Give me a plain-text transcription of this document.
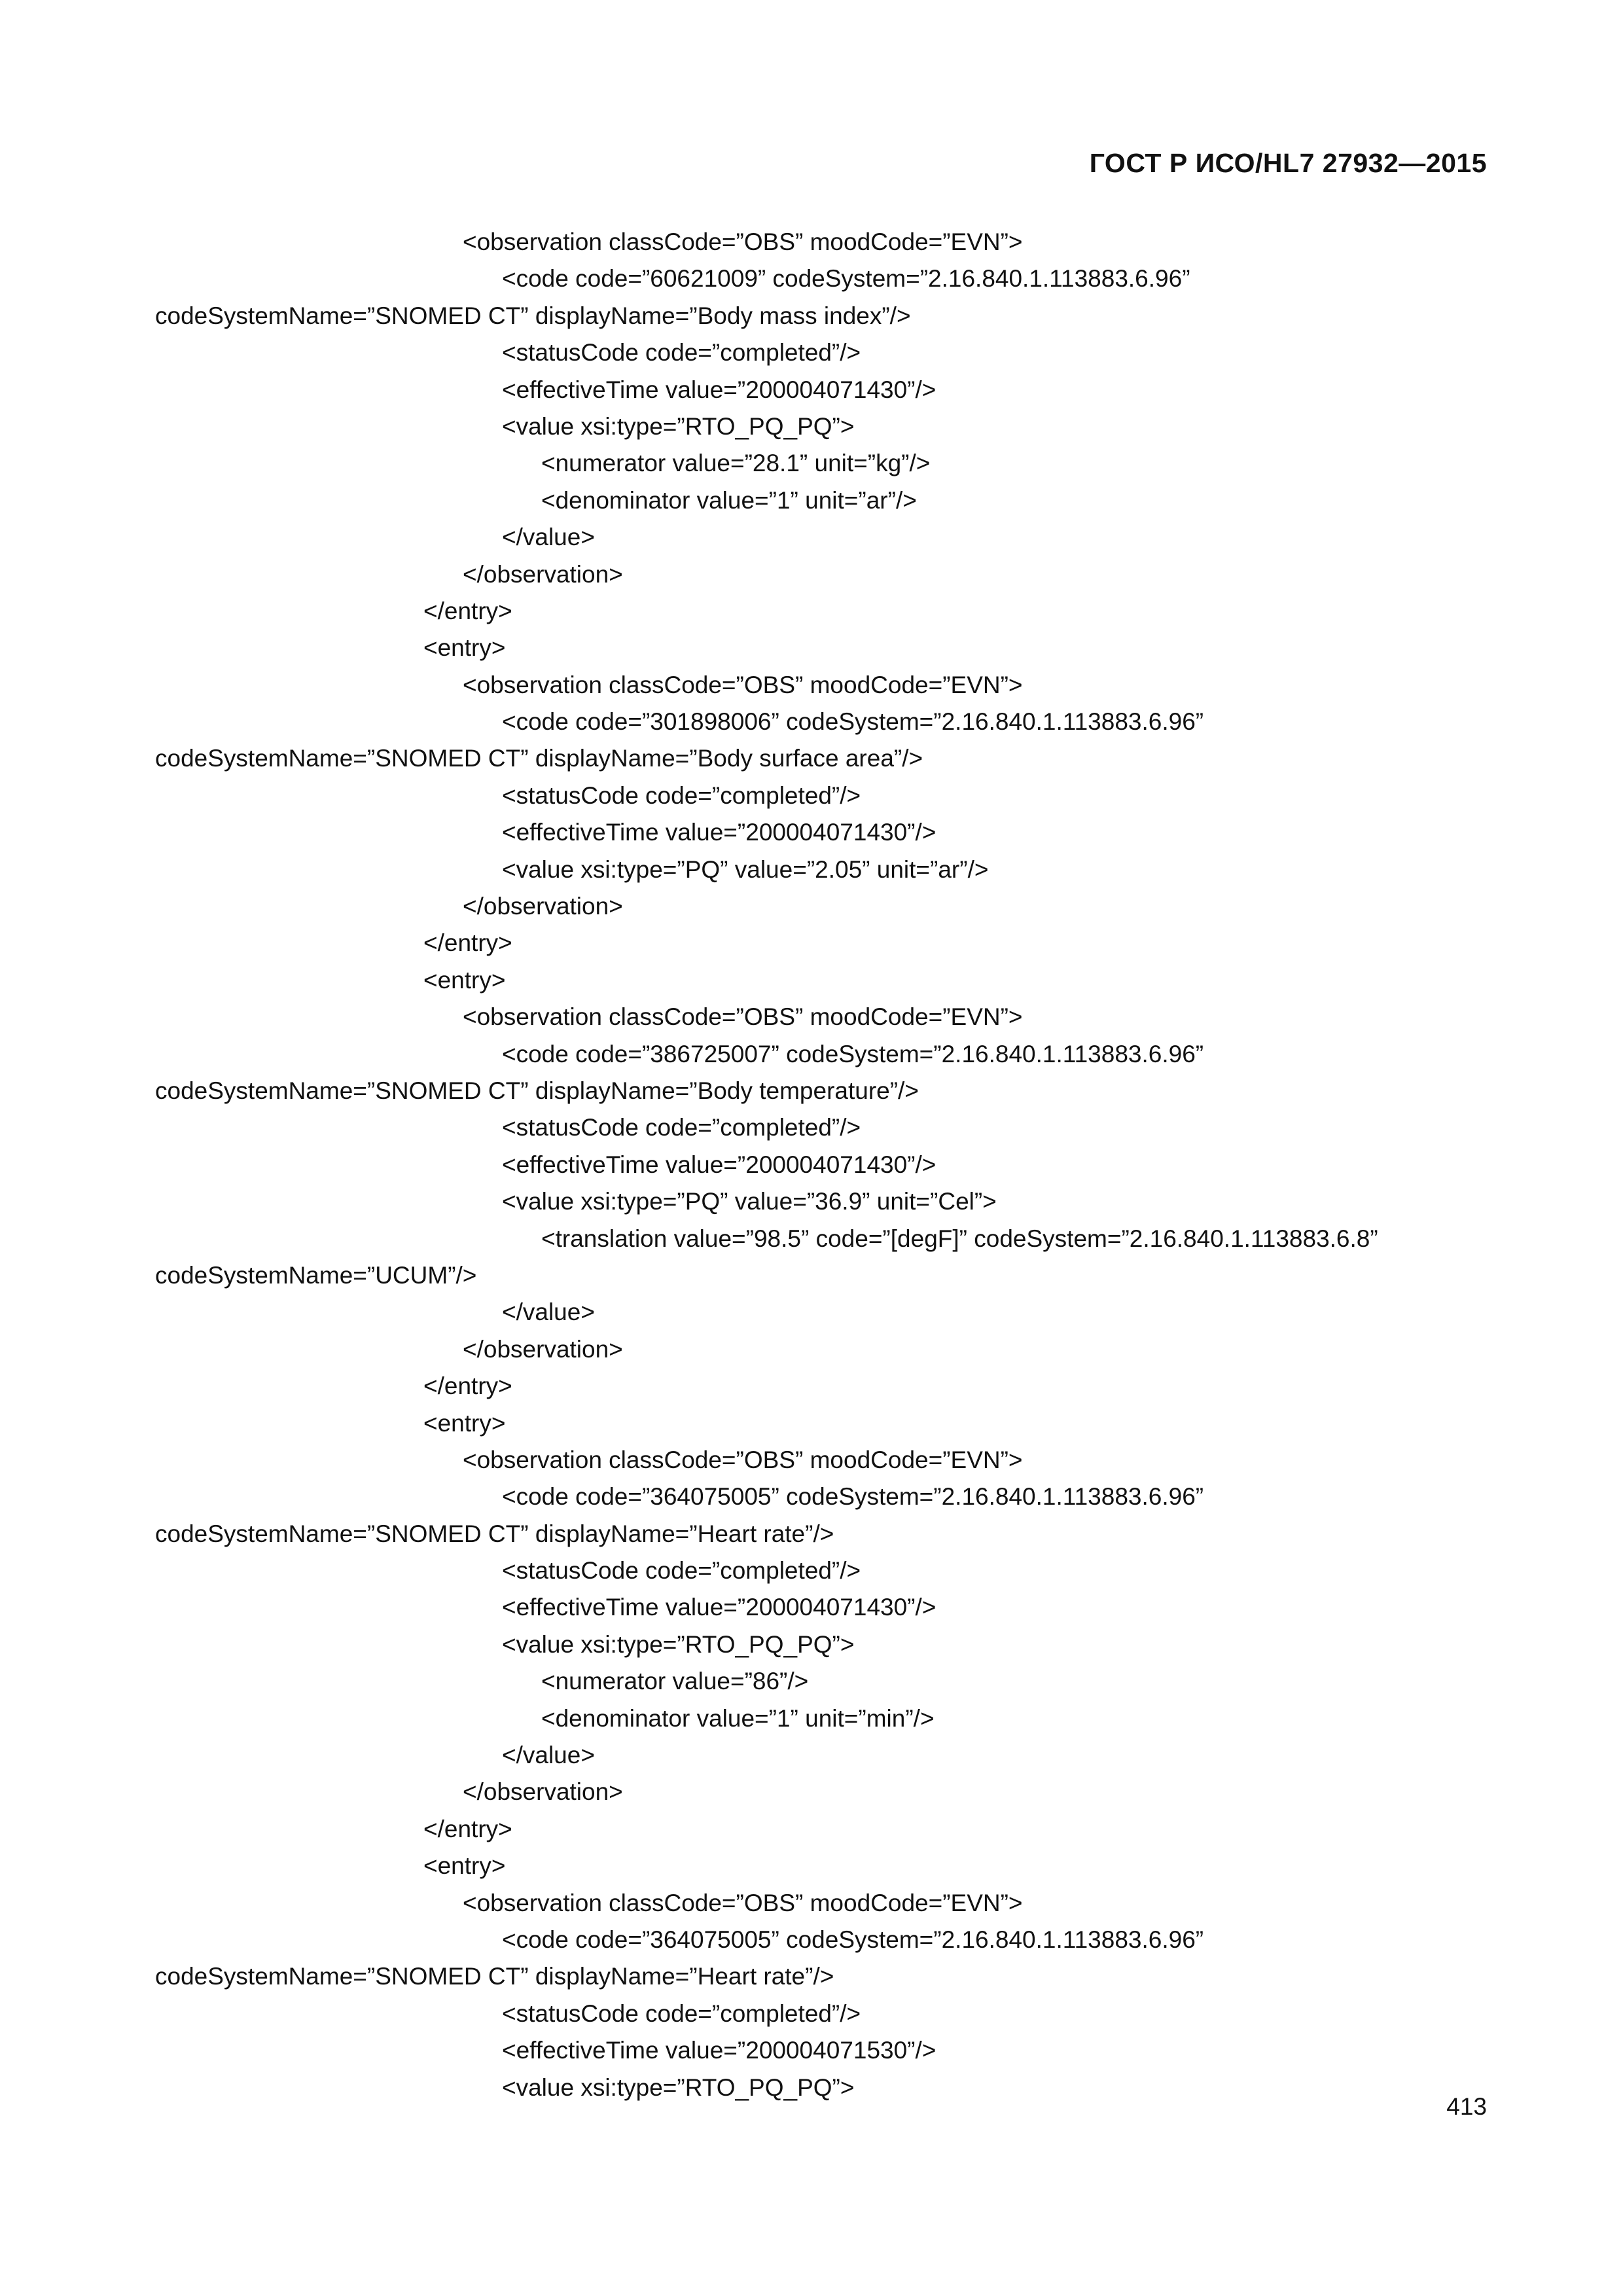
ГОСТ Р ИСО/HL7 27932—2015
<observation classCode=”OBS” moodCode=”EVN”>
<code code=”60621009” codeSystem=”2.16.840.1.113883.6.96”
codeSystemName=”SNOMED CT” displayName=”Body mass index”/>
<statusCode code=”completed”/>
<effectiveTime value=”200004071430”/>
<value xsi:type=”RTO_PQ_PQ”>
<numerator value=”28.1” unit=”kg”/>
<denominator value=”1” unit=”ar”/>
</value>
</observation>
</entry>
<entry>
<observation classCode=”OBS” moodCode=”EVN”>
<code code=”301898006” codeSystem=”2.16.840.1.113883.6.96”
codeSystemName=”SNOMED CT” displayName=”Body surface area”/>
<statusCode code=”completed”/>
<effectiveTime value=”200004071430”/>
<value xsi:type=”PQ” value=”2.05” unit=”ar”/>
</observation>
</entry>
<entry>
<observation classCode=”OBS” moodCode=”EVN”>
<code code=”386725007” codeSystem=”2.16.840.1.113883.6.96”
codeSystemName=”SNOMED CT” displayName=”Body temperature”/>
<statusCode code=”completed”/>
<effectiveTime value=”200004071430”/>
<value xsi:type=”PQ” value=”36.9” unit=”Cel”>
<translation value=”98.5” code=”[degF]” codeSystem=”2.16.840.1.113883.6.8”
codeSystemName=”UCUM”/>
</value>
</observation>
</entry>
<entry>
<observation classCode=”OBS” moodCode=”EVN”>
<code code=”364075005” codeSystem=”2.16.840.1.113883.6.96”
codeSystemName=”SNOMED CT” displayName=”Heart rate”/>
<statusCode code=”completed”/>
<effectiveTime value=”200004071430”/>
<value xsi:type=”RTO_PQ_PQ”>
<numerator value=”86”/>
<denominator value=”1” unit=”min”/>
</value>
</observation>
</entry>
<entry>
<observation classCode=”OBS” moodCode=”EVN”>
<code code=”364075005” codeSystem=”2.16.840.1.113883.6.96”
codeSystemName=”SNOMED CT” displayName=”Heart rate”/>
<statusCode code=”completed”/>
<effectiveTime value=”200004071530”/>
<value xsi:type=”RTO_PQ_PQ”>
413
